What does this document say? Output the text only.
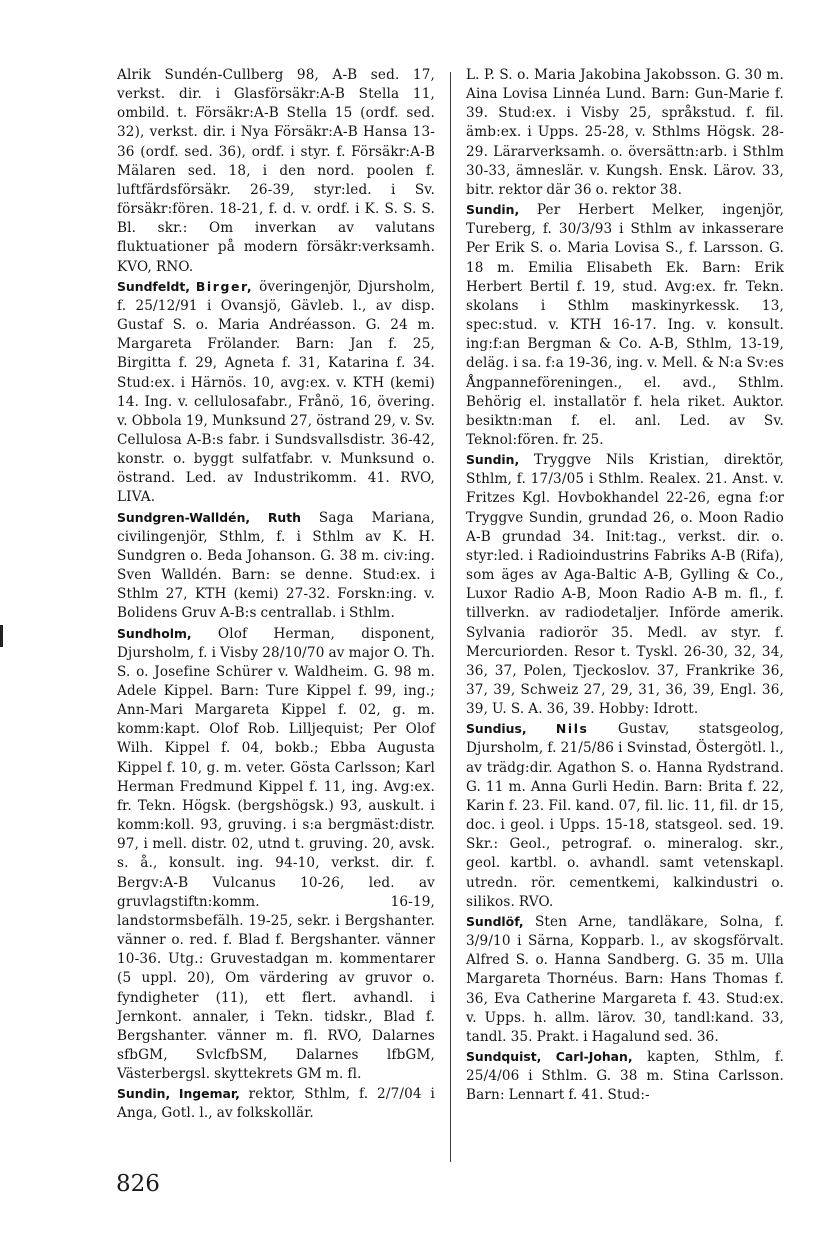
Alrik Sundén-Cullberg 98, A-B sed. 17, verkst. dir. i Glasförsäkr:A-B Stella 11, ombild. t. Försäkr:A-B Stella 15 (ordf. sed. 32), verkst. dir. i Nya Försäkr:A-B Hansa 13-36 (ordf. sed. 36), ordf. i styr. f. Försäkr:A-B Mälaren sed. 18, i den nord. poolen f. luftfärdsförsäkr. 26-39, styr:led. i Sv. försäkr:fören. 18-21, f. d. v. ordf. i K. S. S. S. Bl. skr.: Om inverkan av valutans fluktuationer på modern försäkr:verksamh. KVO, RNO.

Sundfeldt, Birger, överingenjör, Djursholm, f. 25/12/91 i Ovansjö, Gävleb. l., av disp. Gustaf S. o. Maria Andréasson. G. 24 m. Margareta Frölander. Barn: Jan f. 25, Birgitta f. 29, Agneta f. 31, Katarina f. 34. Stud:ex. i Härnös. 10, avg:ex. v. KTH (kemi) 14. Ing. v. cellulosafabr., Frånö, 16, övering. v. Obbola 19, Munksund 27, östrand 29, v. Sv. Cellulosa A-B:s fabr. i Sundsvallsdistr. 36-42, konstr. o. byggt sulfatfabr. v. Munksund o. östrand. Led. av Industrikomm. 41. RVO, LIVA.

Sundgren-Walldén, Ruth Saga Mariana, civilingenjör, Sthlm, f. i Sthlm av K. H. Sundgren o. Beda Johanson. G. 38 m. civ:ing. Sven Walldén. Barn: se denne. Stud:ex. i Sthlm 27, KTH (kemi) 27-32. Forskn:ing. v. Bolidens Gruv A-B:s centrallab. i Sthlm.

Sundholm, Olof Herman, disponent, Djursholm, f. i Visby 28/10/70 av major O. Th. S. o. Josefine Schürer v. Waldheim. G. 98 m. Adele Kippel. Barn: Ture Kippel f. 99, ing.; Ann-Mari Margareta Kippel f. 02, g. m. komm:kapt. Olof Rob. Lilljequist; Per Olof Wilh. Kippel f. 04, bokb.; Ebba Augusta Kippel f. 10, g. m. veter. Gösta Carlsson; Karl Herman Fredmund Kippel f. 11, ing. Avg:ex. fr. Tekn. Högsk. (bergshögsk.) 93, auskult. i komm:koll. 93, gruving. i s:a bergmäst:distr. 97, i mell. distr. 02, utnd t. gruving. 20, avsk. s. å., konsult. ing. 94-10, verkst. dir. f. Bergv:A-B Vulcanus 10-26, led. av gruvlagstiftn:komm. 16-19, landstormsbefälh. 19-25, sekr. i Bergshanter. vänner o. red. f. Blad f. Bergshanter. vänner 10-36. Utg.: Gruvestadgan m. kommentarer (5 uppl. 20), Om värdering av gruvor o. fyndigheter (11), ett flert. avhandl. i Jernkont. annaler, i Tekn. tidskr., Blad f. Bergshanter. vänner m. fl. RVO, Dalarnes sfbGM, SvlcfbSM, Dalarnes lfbGM, Västerbergsl. skyttekrets GM m. fl.

Sundin, Ingemar, rektor, Sthlm, f. 2/7/04 i Anga, Gotl. l., av folkskollär.

L. P. S. o. Maria Jakobina Jakobsson. G. 30 m. Aina Lovisa Linnéa Lund. Barn: Gun-Marie f. 39. Stud:ex. i Visby 25, språkstud. f. fil. ämb:ex. i Upps. 25-28, v. Sthlms Högsk. 28-29. Lärarverksamh. o. översättn:arb. i Sthlm 30-33, ämneslär. v. Kungsh. Ensk. Lärov. 33, bitr. rektor där 36 o. rektor 38.

Sundin, Per Herbert Melker, ingenjör, Tureberg, f. 30/3/93 i Sthlm av inkasserare Per Erik S. o. Maria Lovisa S., f. Larsson. G. 18 m. Emilia Elisabeth Ek. Barn: Erik Herbert Bertil f. 19, stud. Avg:ex. fr. Tekn. skolans i Sthlm maskinyrkessk. 13, spec:stud. v. KTH 16-17. Ing. v. konsult. ing:f:an Bergman & Co. A-B, Sthlm, 13-19, deläg. i sa. f:a 19-36, ing. v. Mell. & N:a Sv:es Ångpanneföreningen., el. avd., Sthlm. Behörig el. installatör f. hela riket. Auktor. besiktn:man f. el. anl. Led. av Sv. Teknol:fören. fr. 25.

Sundin, Tryggve Nils Kristian, direktör, Sthlm, f. 17/3/05 i Sthlm. Realex. 21. Anst. v. Fritzes Kgl. Hovbokhandel 22-26, egna f:or Tryggve Sundin, grundad 26, o. Moon Radio A-B grundad 34. Init:tag., verkst. dir. o. styr:led. i Radioindustrins Fabriks A-B (Rifa), som äges av Aga-Baltic A-B, Gylling & Co., Luxor Radio A-B, Moon Radio A-B m. fl., f. tillverkn. av radiodetaljer. Införde amerik. Sylvania radiorör 35. Medl. av styr. f. Mercuriorden. Resor t. Tyskl. 26-30, 32, 34, 36, 37, Polen, Tjeckoslov. 37, Frankrike 36, 37, 39, Schweiz 27, 29, 31, 36, 39, Engl. 36, 39, U. S. A. 36, 39. Hobby: Idrott.

Sundius, Nils Gustav, statsgeolog, Djursholm, f. 21/5/86 i Svinstad, Östergötl. l., av trädg:dir. Agathon S. o. Hanna Rydstrand. G. 11 m. Anna Gurli Hedin. Barn: Brita f. 22, Karin f. 23. Fil. kand. 07, fil. lic. 11, fil. dr 15, doc. i geol. i Upps. 15-18, statsgeol. sed. 19. Skr.: Geol., petrograf. o. mineralog. skr., geol. kartbl. o. avhandl. samt vetenskapl. utredn. rör. cementkemi, kalkindustri o. silikos. RVO.

Sundlöf, Sten Arne, tandläkare, Solna, f. 3/9/10 i Särna, Kopparb. l., av skogsförvalt. Alfred S. o. Hanna Sandberg. G. 35 m. Ulla Margareta Thornéus. Barn: Hans Thomas f. 36, Eva Catherine Margareta f. 43. Stud:ex. v. Upps. h. allm. lärov. 30, tandl:kand. 33, tandl. 35. Prakt. i Hagalund sed. 36.

Sundquist, Carl-Johan, kapten, Sthlm, f. 25/4/06 i Sthlm. G. 38 m. Stina Carlsson. Barn: Lennart f. 41. Stud:-

826
